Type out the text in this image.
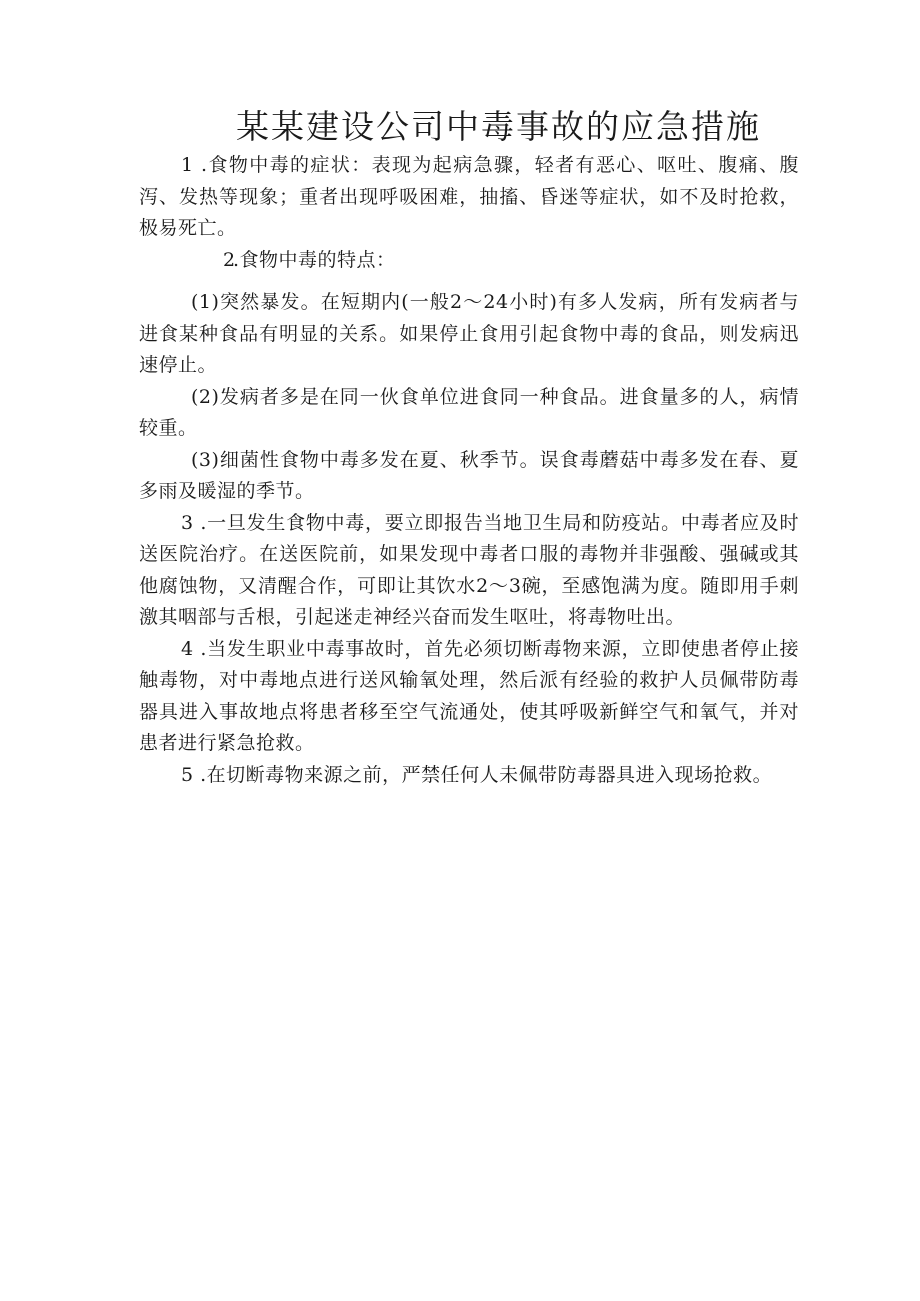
某某建设公司中毒事故的应急措施

1 .食物中毒的症状：表现为起病急骤，轻者有恶心、呕吐、腹痛、腹泻、发热等现象；重者出现呼吸困难，抽搐、昏迷等症状，如不及时抢救，极易死亡。

2.食物中毒的特点：

(1)突然暴发。在短期内(一般2～24小时)有多人发病，所有发病者与进食某种食品有明显的关系。如果停止食用引起食物中毒的食品，则发病迅速停止。

(2)发病者多是在同一伙食单位进食同一种食品。进食量多的人，病情较重。

(3)细菌性食物中毒多发在夏、秋季节。误食毒蘑菇中毒多发在春、夏多雨及暖湿的季节。

3 .一旦发生食物中毒，要立即报告当地卫生局和防疫站。中毒者应及时送医院治疗。在送医院前，如果发现中毒者口服的毒物并非强酸、强碱或其他腐蚀物，又清醒合作，可即让其饮水2～3碗，至感饱满为度。随即用手刺激其咽部与舌根，引起迷走神经兴奋而发生呕吐，将毒物吐出。

4 .当发生职业中毒事故时，首先必须切断毒物来源，立即使患者停止接触毒物，对中毒地点进行送风输氧处理，然后派有经验的救护人员佩带防毒器具进入事故地点将患者移至空气流通处，使其呼吸新鲜空气和氧气，并对患者进行紧急抢救。

5 .在切断毒物来源之前，严禁任何人未佩带防毒器具进入现场抢救。
